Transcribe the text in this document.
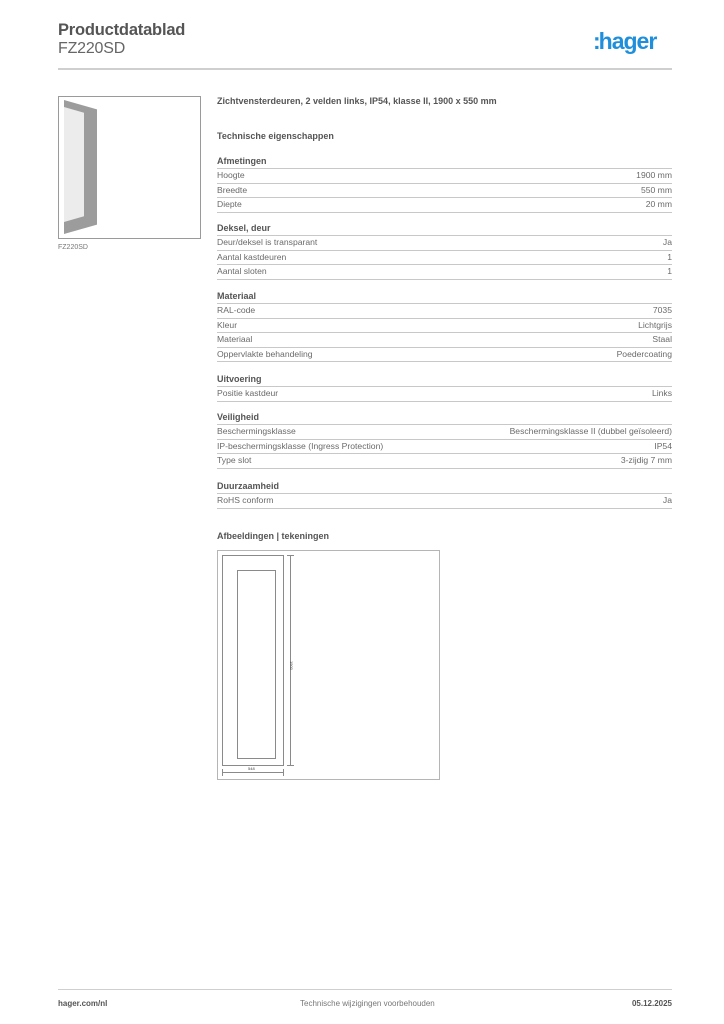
Productdatablad
FZ220SD	:hager
FZ220SD
Zichtvensterdeuren, 2 velden links, IP54, klasse II, 1900 x 550 mm
Technische eigenschappen
Afmetingen
Hoogte	1900 mm
Breedte	550 mm
Diepte	20 mm
Deksel, deur
Deur/deksel is transparant	Ja
Aantal kastdeuren	1
Aantal sloten	1
Materiaal
RAL-code	7035
Kleur	Lichtgrijs
Materiaal	Staal
Oppervlakte behandeling	Poedercoating
Uitvoering
Positie kastdeur	Links
Veiligheid
Beschermingsklasse	Beschermingsklasse II (dubbel geïsoleerd)
IP-beschermingsklasse (Ingress Protection)	IP54
Type slot	3-zijdig 7 mm
Duurzaamheid
RoHS conform	Ja
Afbeeldingen | tekeningen
1900
548
hager.com/nl	Technische wijzigingen voorbehouden	05.12.2025
